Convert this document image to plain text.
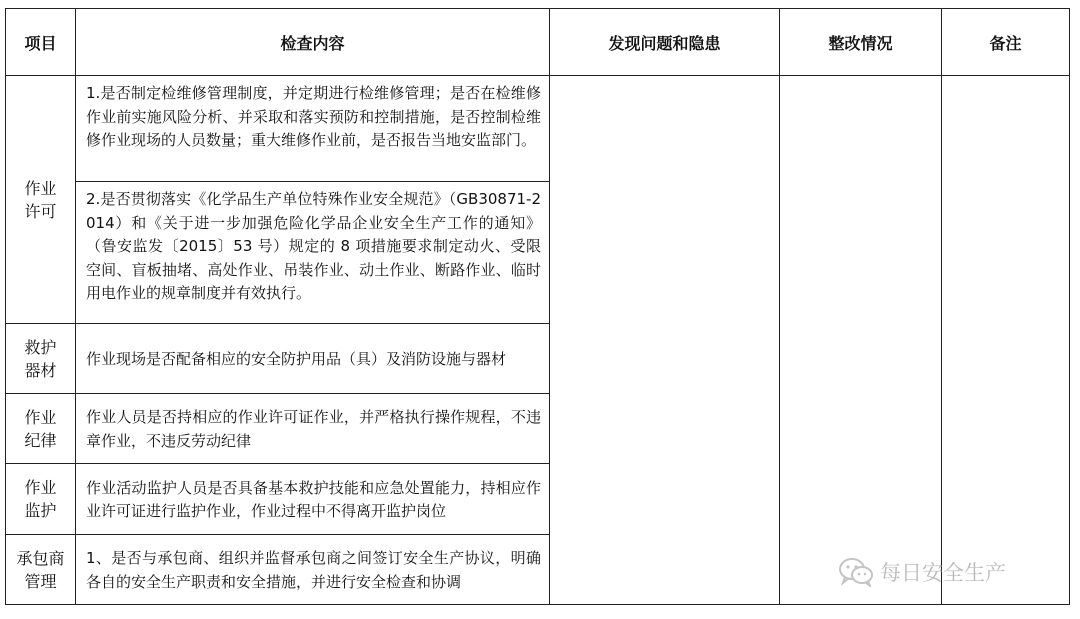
项目	检查内容	发现问题和隐患	整改情况	备注
作业许可	1.是否制定检维修管理制度，并定期进行检维修管理；是否在检维修作业前实施风险分析、并采取和落实预防和控制措施，是否控制检维修作业现场的人员数量；重大维修作业前，是否报告当地安监部门。			
	2.是否贯彻落实《化学品生产单位特殊作业安全规范》（GB30871-2014）和《关于进一步加强危险化学品企业安全生产工作的通知》（鲁安监发〔2015〕53 号）规定的 8 项措施要求制定动火、受限空间、盲板抽堵、高处作业、吊装作业、动土作业、断路作业、临时用电作业的规章制度并有效执行。			
救护器材	作业现场是否配备相应的安全防护用品（具）及消防设施与器材			
作业纪律	作业人员是否持相应的作业许可证作业，并严格执行操作规程，不违章作业，不违反劳动纪律			
作业监护	作业活动监护人员是否具备基本救护技能和应急处置能力，持相应作业许可证进行监护作业，作业过程中不得离开监护岗位			
承包商管理	1、是否与承包商、组织并监督承包商之间签订安全生产协议，明确各自的安全生产职责和安全措施，并进行安全检查和协调				每日安全生产
